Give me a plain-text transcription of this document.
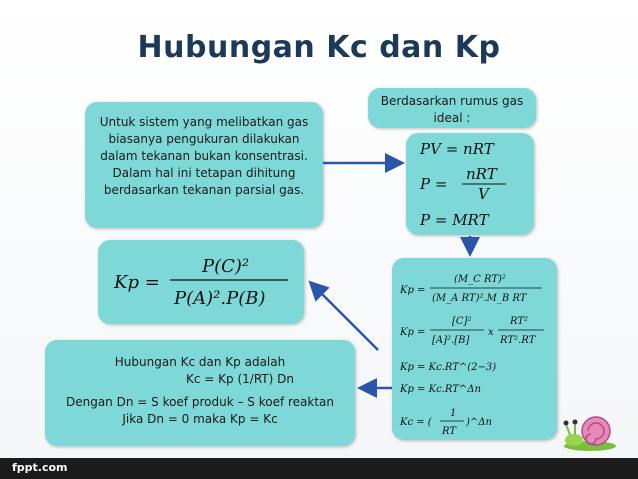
Hubungan Kc dan Kp

Untuk sistem yang melibatkan gas biasanya pengukuran dilakukan dalam tekanan bukan konsentrasi. Dalam hal ini tetapan dihitung berdasarkan tekanan parsial gas.

Berdasarkan rumus gas ideal :

PV = nRT
P =
nRT
V
P = MRT
Kp =
P(C)²
P(A)².P(B)	Kp =
(M_C RT)²
(M_A RT)².M_B RT
Kp =
[C]²
[A]².[B]
x
RT²
RT².RT
Kp = Kc.RT^(2−3)
Kp = Kc.RT^Δn
Kc = (
1
RT
)^Δn

Hubungan Kc dan Kp adalah

Kc = Kp (1/RT) Dn

Dengan Dn = S koef produk – S koef reaktan

Jika Dn = 0 maka Kp = Kc

fppt.com
